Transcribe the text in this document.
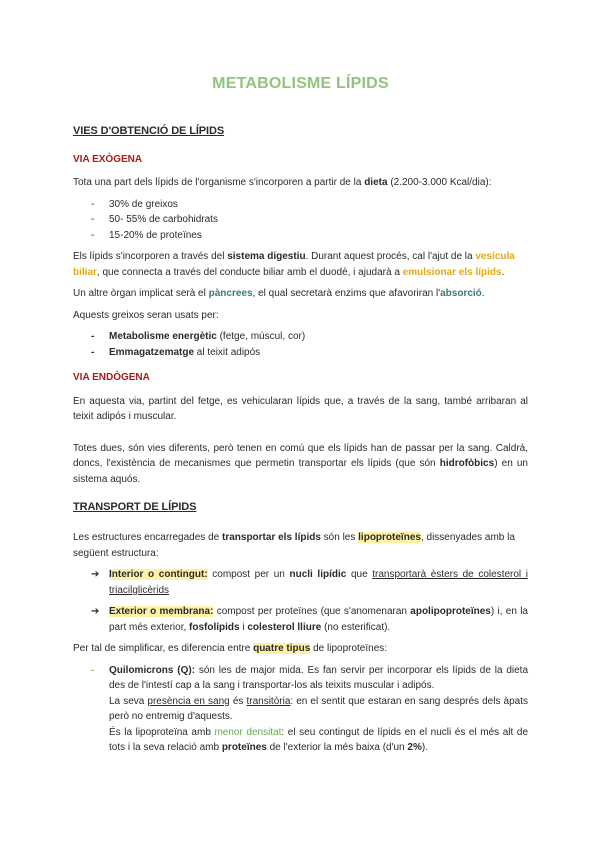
METABOLISME LÍPIDS
VIES D'OBTENCIÓ DE LÍPIDS
VIA EXÒGENA

Tota una part dels lípids de l'organisme s'incorporen a partir de la dieta (2.200-3.000 Kcal/dia):

- 30% de greixos
- 50- 55% de carbohidrats
- 15-20% de proteïnes

Els lípids s'incorporen a través del sistema digestiu. Durant aquest procés, cal l'ajut de la vesícula biliar, que connecta a través del conducte biliar amb el duodè, i ajudarà a emulsionar els lípids.

Un altre òrgan implicat serà el pàncrees, el qual secretarà enzims que afavoriran l'absorció.

Aquests greixos seran usats per:

- Metabolisme energètic (fetge, múscul, cor)
- Emmagatzematge al teixit adipós
VIA ENDÒGENA

En aquesta via, partint del fetge, es vehicularan lípids que, a través de la sang, també arribaran al teixit adipós i muscular.

Totes dues, són vies diferents, però tenen en comú que els lípids han de passar per la sang. Caldrà, doncs, l'existència de mecanismes que permetin transportar els lípids (que són hidrofòbics) en un sistema aquós.

TRANSPORT DE LÍPIDS

Les estructures encarregades de transportar els lípids són les lipoproteïnes, dissenyades amb la següent estructura:

➔ Interior o contingut: compost per un nucli lipídic que transportarà èsters de colesterol i triacilglicèrids
➔ Exterior o membrana: compost per proteïnes (que s'anomenaran apolipoproteïnes) i, en la part més exterior, fosfolípids i colesterol lliure (no esterificat).

Per tal de simplificar, es diferencia entre quatre tipus de lipoproteïnes:

- Quilomicrons (Q): són les de major mida. Es fan servir per incorporar els lípids de la dieta des de l'intestí cap a la sang i transportar-los als teixits muscular i adipós.
La seva presència en sang és transitòria: en el sentit que estaran en sang després dels àpats però no entremig d'aquests.
És la lipoproteïna amb menor densitat: el seu contingut de lípids en el nucli és el més alt de tots i la seva relació amb proteïnes de l'exterior la més baixa (d'un 2%).
